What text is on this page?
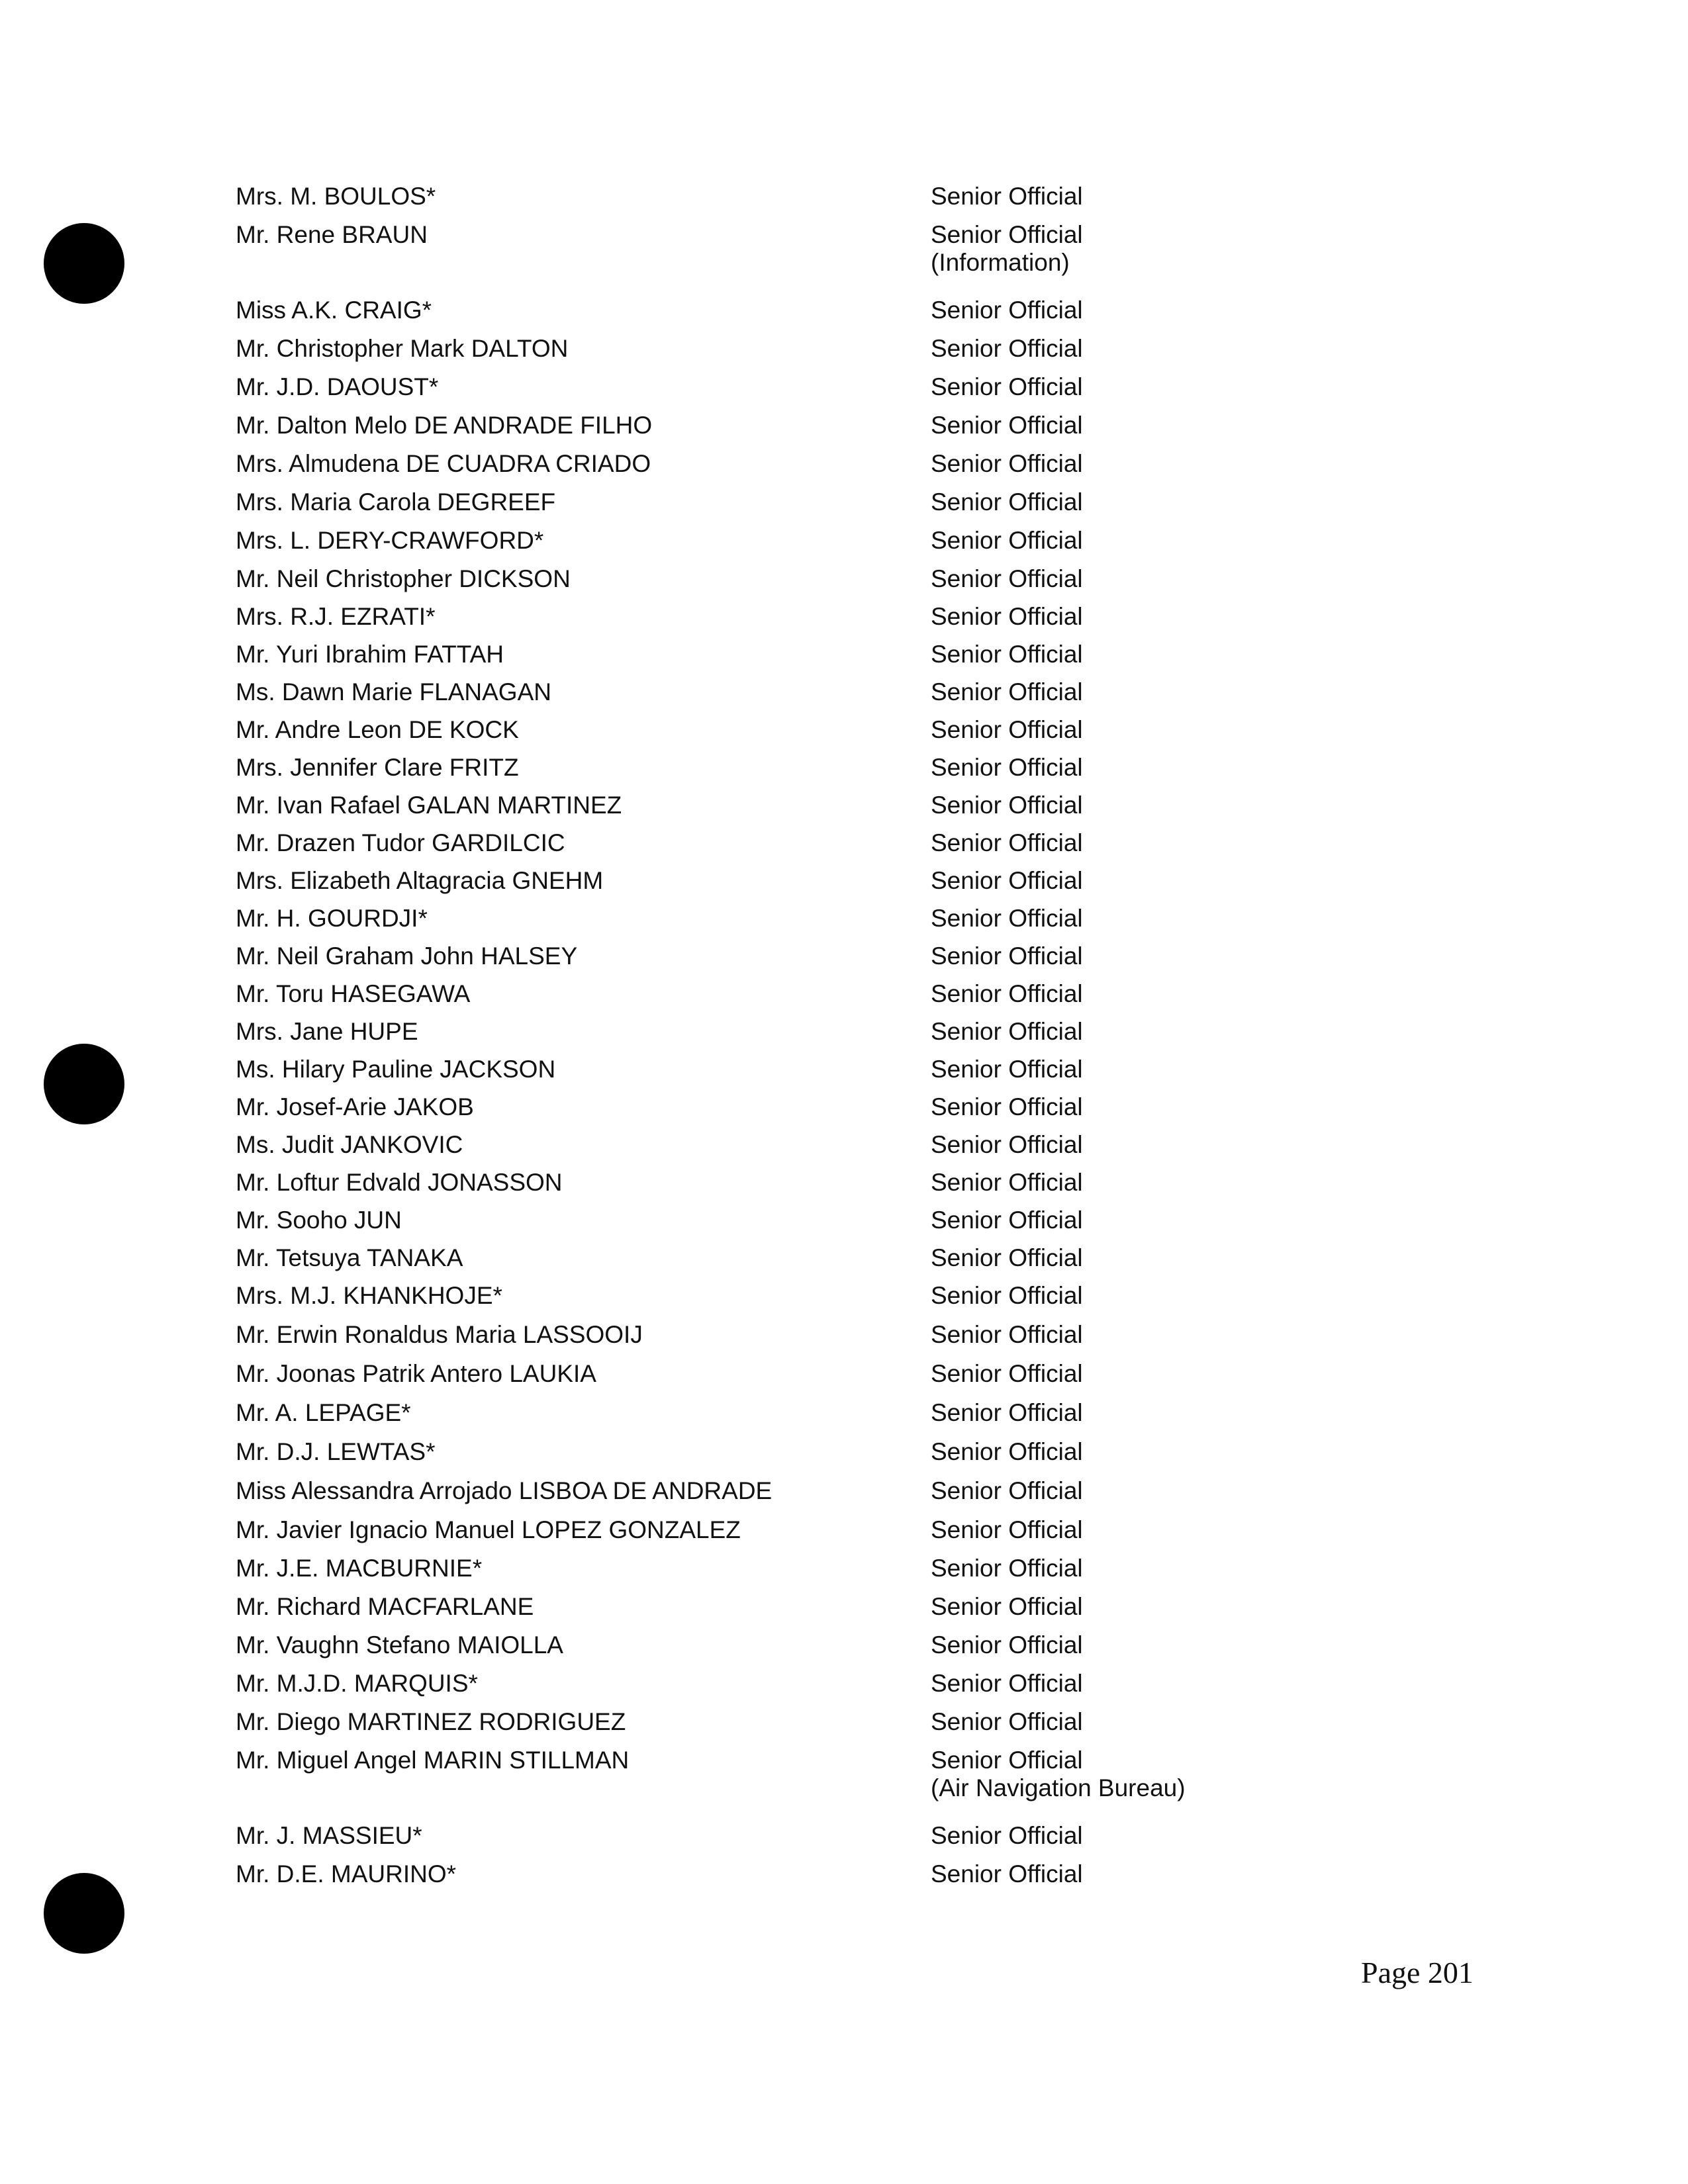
Mrs. M. BOULOS*	Senior Official
Mr. Rene BRAUN	Senior Official
(Information)
Miss A.K. CRAIG*	Senior Official
Mr. Christopher Mark DALTON	Senior Official
Mr. J.D. DAOUST*	Senior Official
Mr. Dalton Melo DE ANDRADE FILHO	Senior Official
Mrs. Almudena DE CUADRA CRIADO	Senior Official
Mrs. Maria Carola DEGREEF	Senior Official
Mrs. L. DERY-CRAWFORD*	Senior Official
Mr. Neil Christopher DICKSON	Senior Official
Mrs. R.J. EZRATI*	Senior Official
Mr. Yuri Ibrahim FATTAH	Senior Official
Ms. Dawn Marie FLANAGAN	Senior Official
Mr. Andre Leon DE KOCK	Senior Official
Mrs. Jennifer Clare FRITZ	Senior Official
Mr. Ivan Rafael GALAN MARTINEZ	Senior Official
Mr. Drazen Tudor GARDILCIC	Senior Official
Mrs. Elizabeth Altagracia GNEHM	Senior Official
Mr. H. GOURDJI*	Senior Official
Mr. Neil Graham John HALSEY	Senior Official
Mr. Toru HASEGAWA	Senior Official
Mrs. Jane HUPE	Senior Official
Ms. Hilary Pauline JACKSON	Senior Official
Mr. Josef-Arie JAKOB	Senior Official
Ms. Judit JANKOVIC	Senior Official
Mr. Loftur Edvald JONASSON	Senior Official
Mr. Sooho JUN	Senior Official
Mr. Tetsuya TANAKA	Senior Official
Mrs. M.J. KHANKHOJE*	Senior Official
Mr. Erwin Ronaldus Maria LASSOOIJ	Senior Official
Mr. Joonas Patrik Antero LAUKIA	Senior Official
Mr. A. LEPAGE*	Senior Official
Mr. D.J. LEWTAS*	Senior Official
Miss Alessandra Arrojado LISBOA DE ANDRADE	Senior Official
Mr. Javier Ignacio Manuel LOPEZ GONZALEZ	Senior Official
Mr. J.E. MACBURNIE*	Senior Official
Mr. Richard MACFARLANE	Senior Official
Mr. Vaughn Stefano MAIOLLA	Senior Official
Mr. M.J.D. MARQUIS*	Senior Official
Mr. Diego MARTINEZ RODRIGUEZ	Senior Official
Mr. Miguel Angel MARIN STILLMAN	Senior Official
(Air Navigation Bureau)
Mr. J. MASSIEU*	Senior Official
Mr. D.E. MAURINO*	Senior Official
Page 201
